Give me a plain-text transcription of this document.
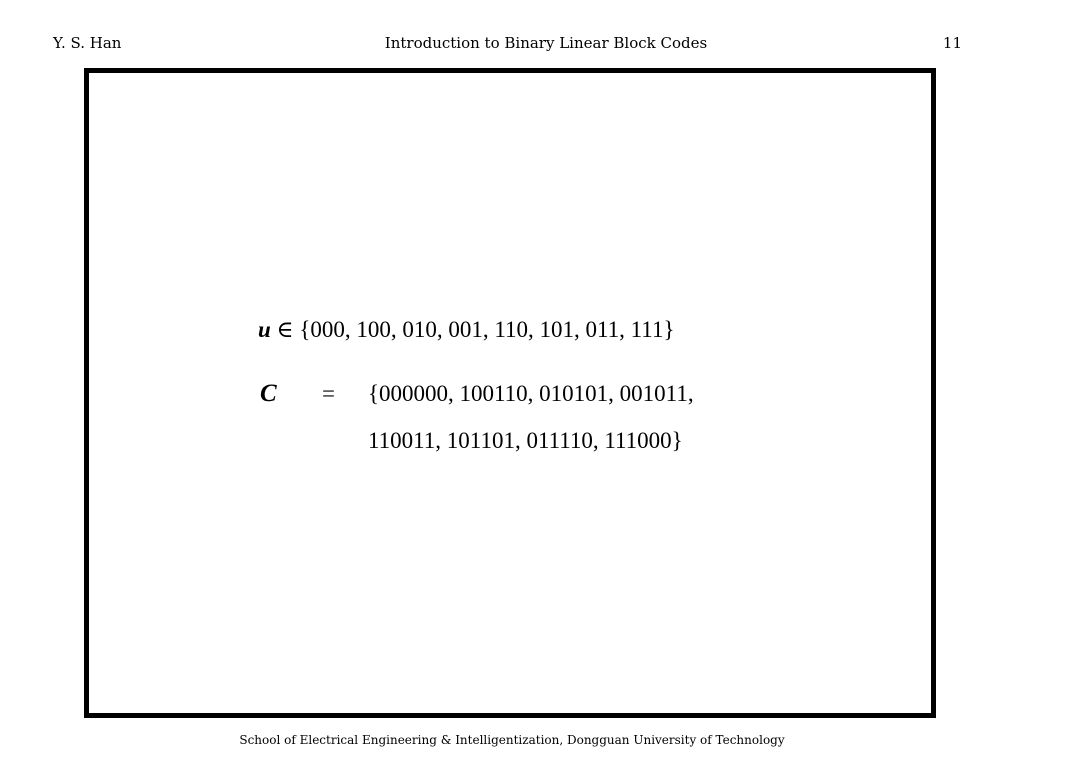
Y. S. Han	Introduction to Binary Linear Block Codes	11
u ∈ {000, 100, 010, 001, 110, 101, 011, 111}
C = {000000, 100110, 010101, 001011,
110011, 101101, 011110, 111000}
School of Electrical Engineering & Intelligentization, Dongguan University of Technology
